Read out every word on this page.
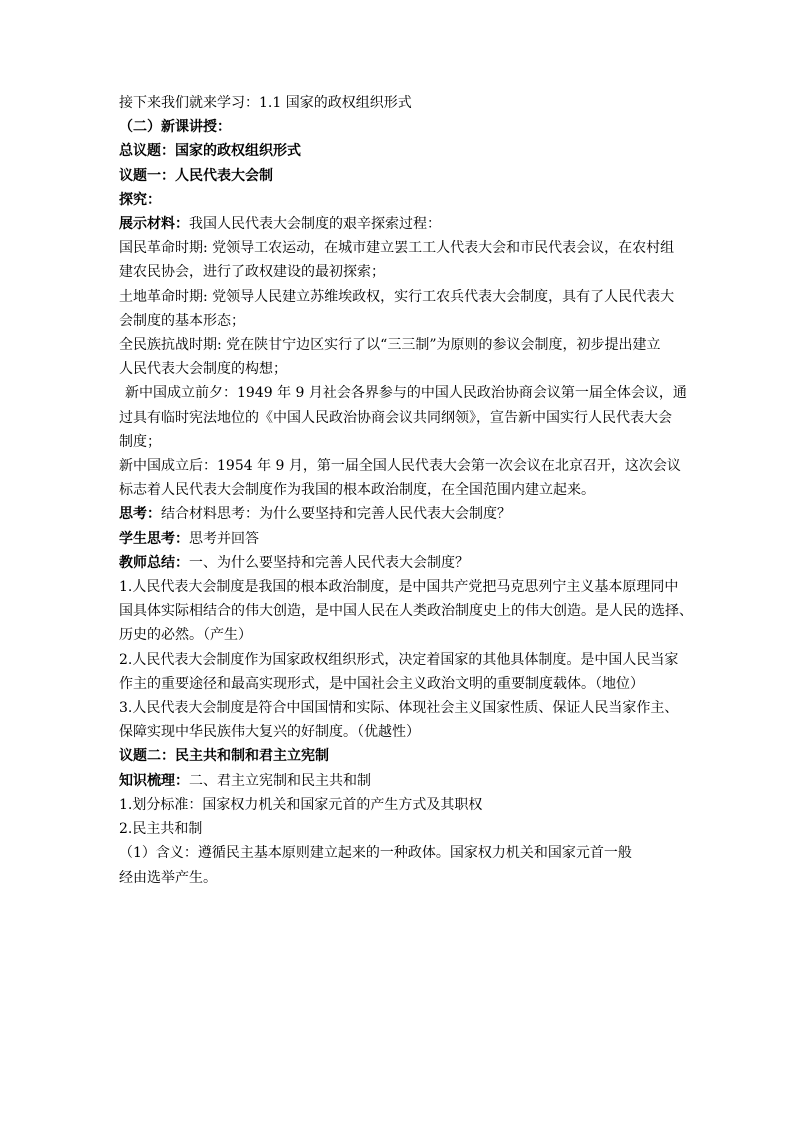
接下来我们就来学习：1.1 国家的政权组织形式

（二）新课讲授：

总议题：国家的政权组织形式

议题一：人民代表大会制

探究：

展示材料：我国人民代表大会制度的艰辛探索过程：

国民革命时期: 党领导工农运动，在城市建立罢工工人代表大会和市民代表会议，在农村组

建农民协会，进行了政权建设的最初探索；

土地革命时期: 党领导人民建立苏维埃政权，实行工农兵代表大会制度，具有了人民代表大

会制度的基本形态；

全民族抗战时期: 党在陕甘宁边区实行了以“三三制”为原则的参议会制度，初步提出建立

人民代表大会制度的构想；

新中国成立前夕：1949 年 9 月社会各界参与的中国人民政治协商会议第一届全体会议，通

过具有临时宪法地位的《中国人民政治协商会议共同纲领》，宣告新中国实行人民代表大会

制度；

新中国成立后：1954 年 9 月，第一届全国人民代表大会第一次会议在北京召开，这次会议

标志着人民代表大会制度作为我国的根本政治制度，在全国范围内建立起来。

思考：结合材料思考：为什么要坚持和完善人民代表大会制度？

学生思考：思考并回答

教师总结：一、为什么要坚持和完善人民代表大会制度？

1.人民代表大会制度是我国的根本政治制度，是中国共产党把马克思列宁主义基本原理同中

国具体实际相结合的伟大创造，是中国人民在人类政治制度史上的伟大创造。是人民的选择、

历史的必然。（产生）

2.人民代表大会制度作为国家政权组织形式，决定着国家的其他具体制度。是中国人民当家

作主的重要途径和最高实现形式，是中国社会主义政治文明的重要制度载体。（地位）

3.人民代表大会制度是符合中国国情和实际、体现社会主义国家性质、保证人民当家作主、

保障实现中华民族伟大复兴的好制度。（优越性）

议题二：民主共和制和君主立宪制

知识梳理：二、君主立宪制和民主共和制

1.划分标准：国家权力机关和国家元首的产生方式及其职权

2.民主共和制

（1）含义：遵循民主基本原则建立起来的一种政体。国家权力机关和国家元首一般

经由选举产生。
